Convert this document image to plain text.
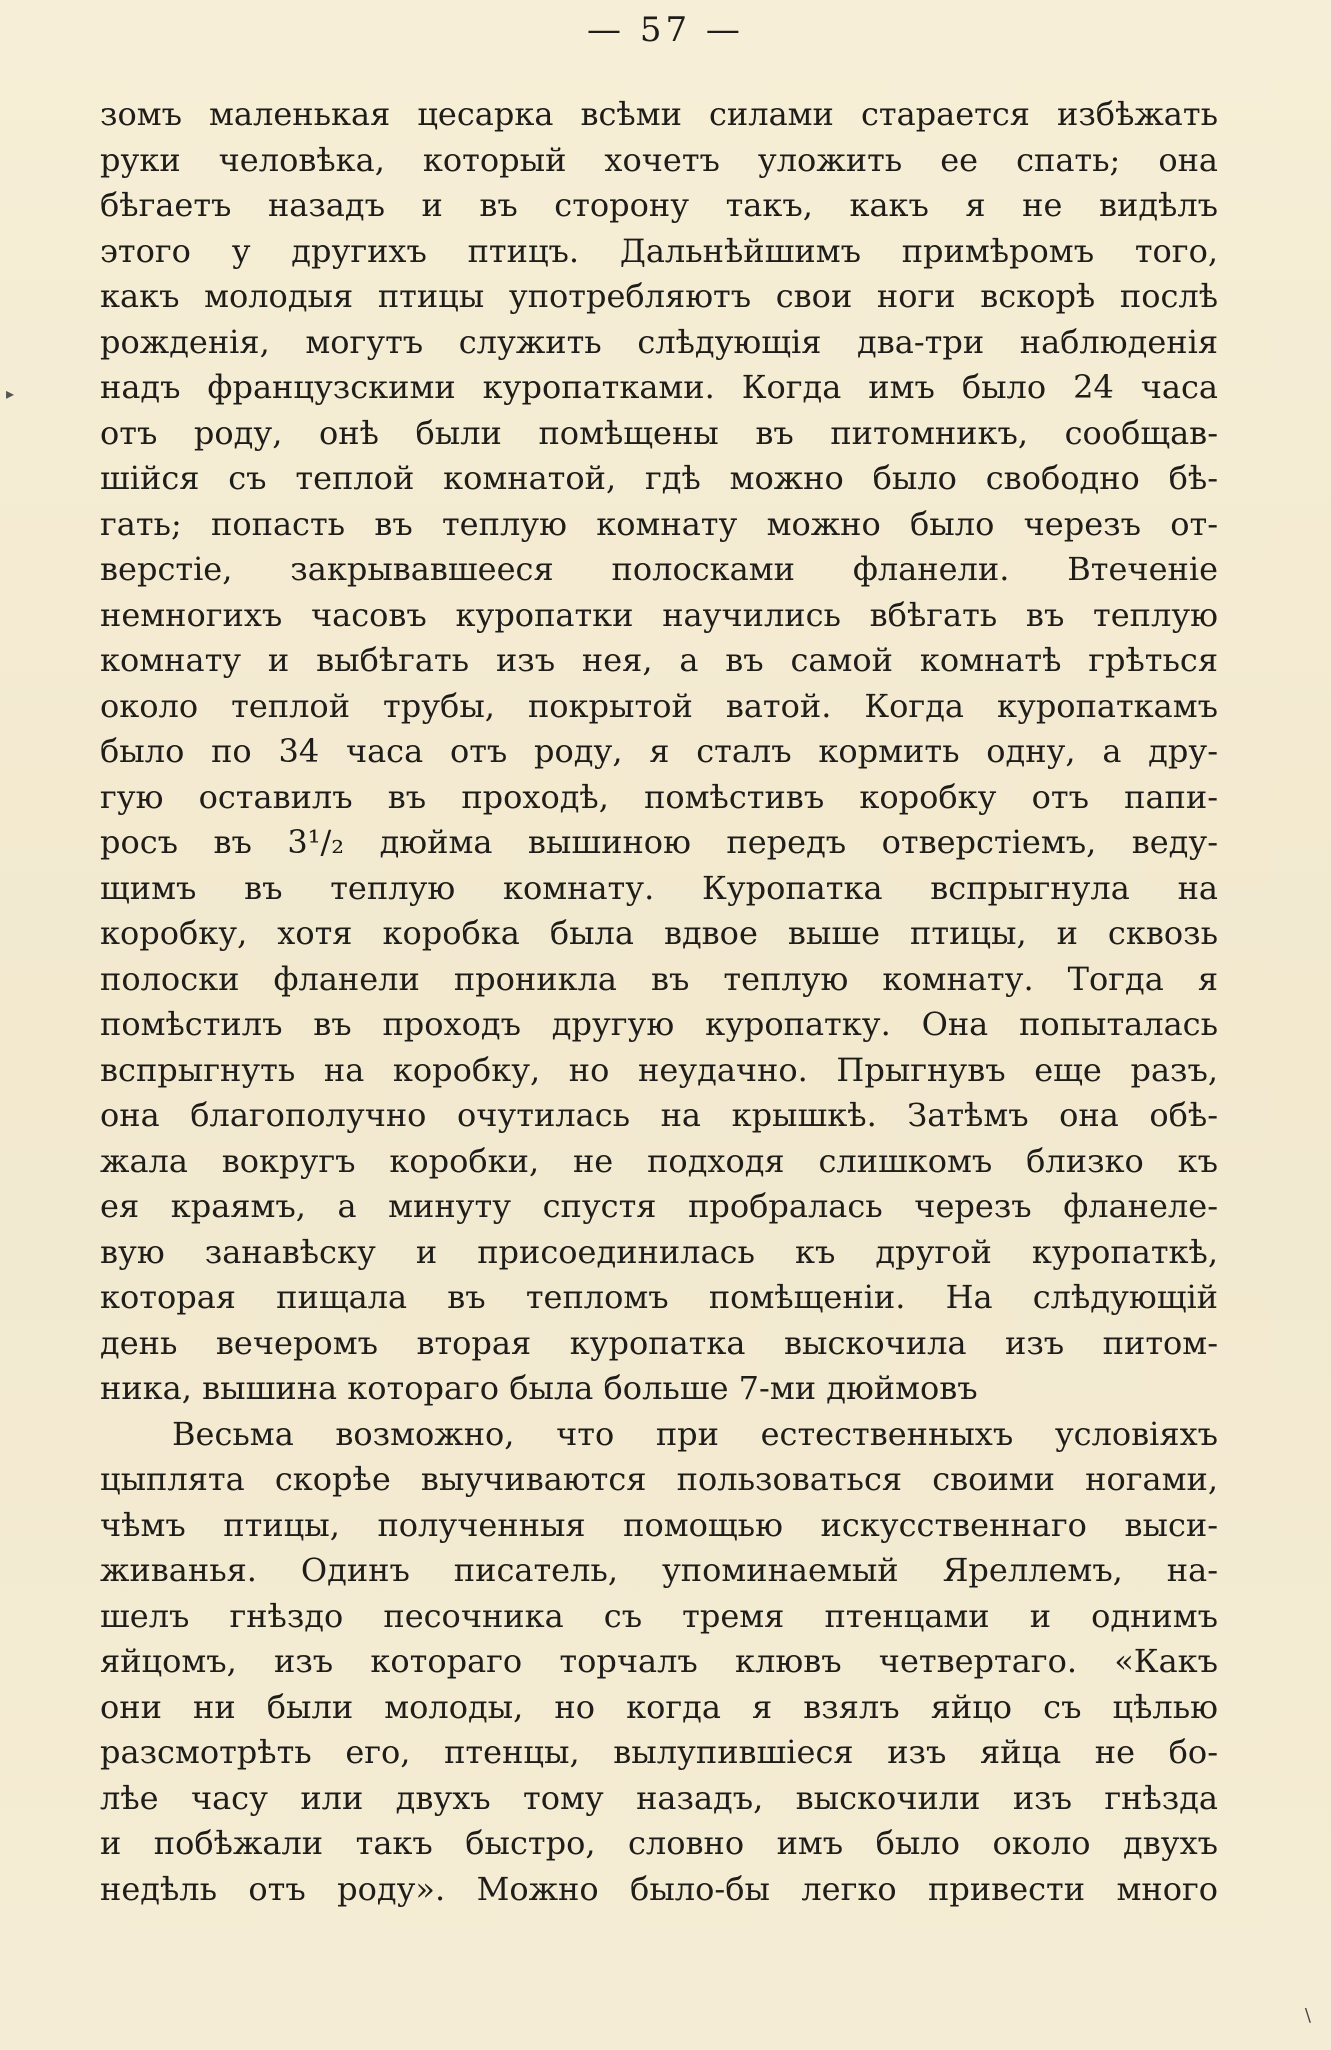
— 57 —
▸
зомъ маленькая цесарка всѣми силами старается избѣжать
руки человѣка, который хочетъ уложить ее спать; она
бѣгаетъ назадъ и въ сторону такъ, какъ я не видѣлъ
этого у другихъ птицъ. Дальнѣйшимъ примѣромъ того,
какъ молодыя птицы употребляютъ свои ноги вскорѣ послѣ
рожденія, могутъ служить слѣдующія два-три наблюденія
надъ французскими куропатками. Когда имъ было 24 часа
отъ роду, онѣ были помѣщены въ питомникъ, сообщав-
шійся съ теплой комнатой, гдѣ можно было свободно бѣ-
гать; попасть въ теплую комнату можно было черезъ от-
верстіе, закрывавшееся полосками фланели. Втеченіе
немногихъ часовъ куропатки научились вбѣгать въ теплую
комнату и выбѣгать изъ нея, а въ самой комнатѣ грѣться
около теплой трубы, покрытой ватой. Когда куропаткамъ
было по 34 часа отъ роду, я сталъ кормить одну, а дру-
гую оставилъ въ проходѣ, помѣстивъ коробку отъ папи-
росъ въ 3¹/₂ дюйма вышиною передъ отверстіемъ, веду-
щимъ въ теплую комнату. Куропатка вспрыгнула на
коробку, хотя коробка была вдвое выше птицы, и сквозь
полоски фланели проникла въ теплую комнату. Тогда я
помѣстилъ въ проходъ другую куропатку. Она попыталась
вспрыгнуть на коробку, но неудачно. Прыгнувъ еще разъ,
она благополучно очутилась на крышкѣ. Затѣмъ она обѣ-
жала вокругъ коробки, не подходя слишкомъ близко къ
ея краямъ, а минуту спустя пробралась черезъ фланеле-
вую занавѣску и присоединилась къ другой куропаткѣ,
которая пищала въ тепломъ помѣщеніи. На слѣдующій
день вечеромъ вторая куропатка выскочила изъ питом-
ника, вышина котораго была больше 7-ми дюймовъ
Весьма возможно, что при естественныхъ условіяхъ
цыплята скорѣе выучиваются пользоваться своими ногами,
чѣмъ птицы, полученныя помощью искусственнаго выси-
живанья. Одинъ писатель, упоминаемый Яреллемъ, на-
шелъ гнѣздо песочника съ тремя птенцами и однимъ
яйцомъ, изъ котораго торчалъ клювъ четвертаго. «Какъ
они ни были молоды, но когда я взялъ яйцо съ цѣлью
разсмотрѣть его, птенцы, вылупившіеся изъ яйца не бо-
лѣе часу или двухъ тому назадъ, выскочили изъ гнѣзда
и побѣжали такъ быстро, словно имъ было около двухъ
недѣль отъ роду». Можно было-бы легко привести много
\
